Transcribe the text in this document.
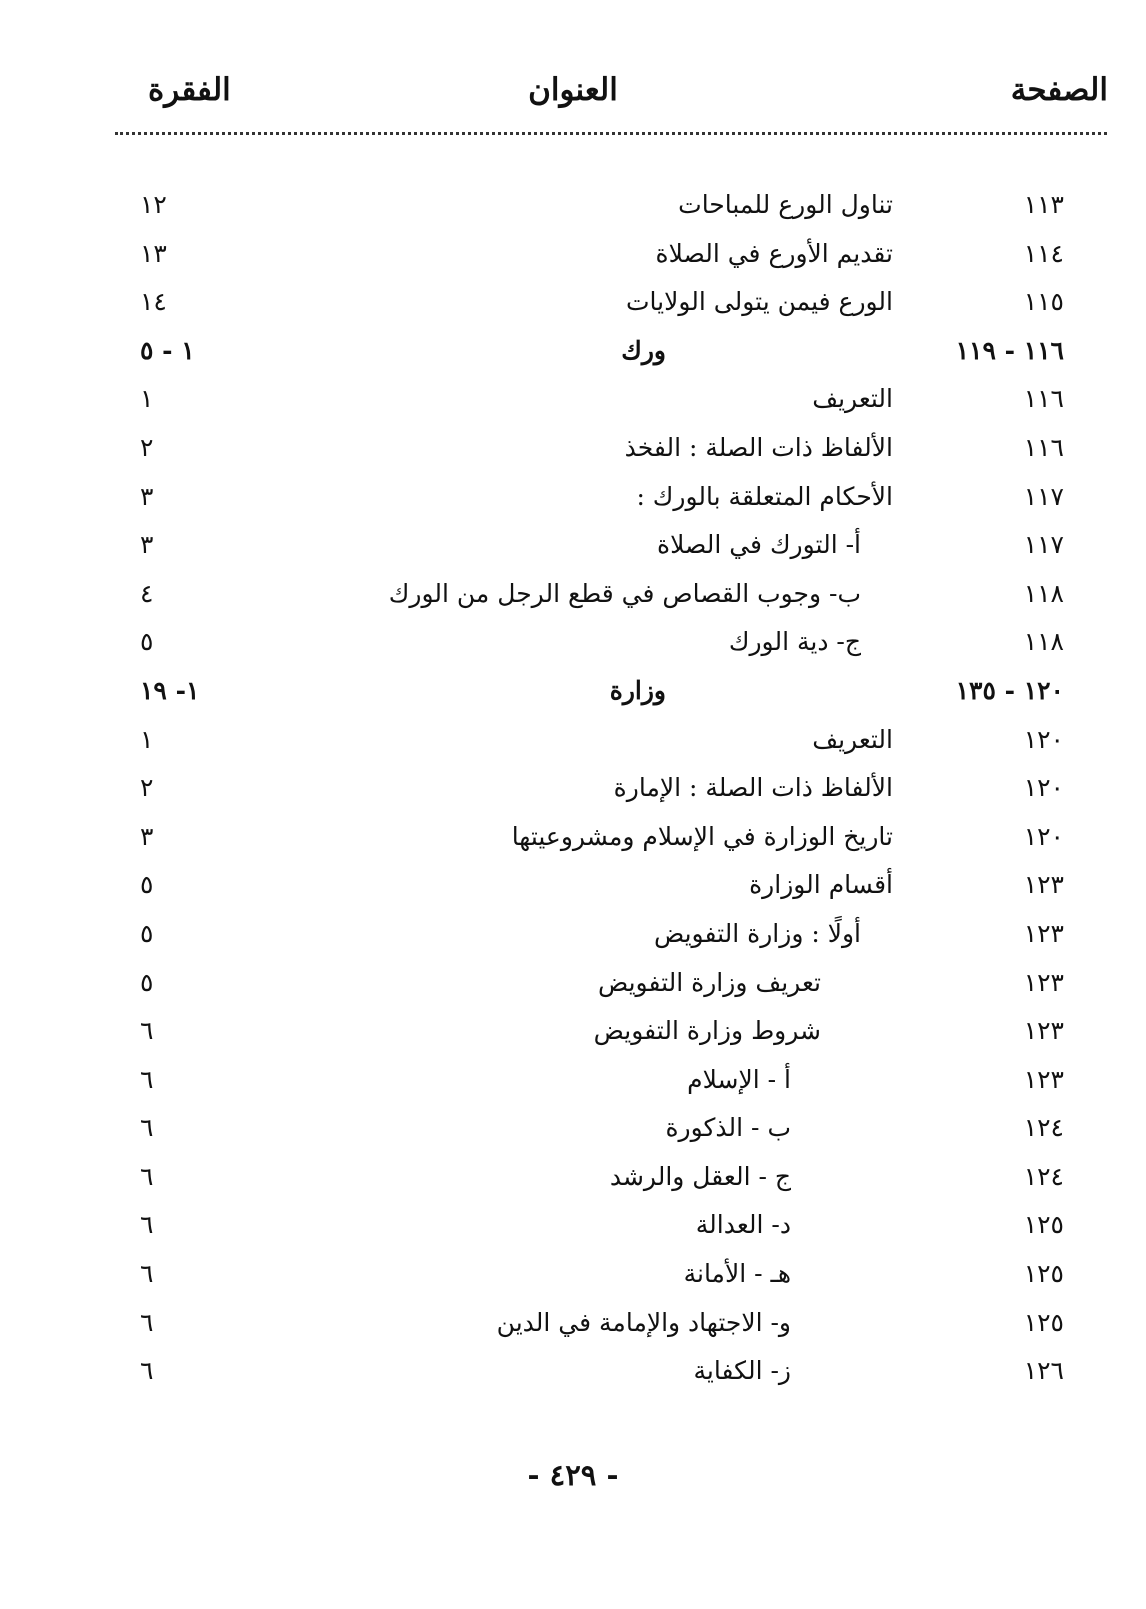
الصفحة
العنوان
الفقرة
١١٣
تناول الورع للمباحات
١٢
١١٤
تقديم الأورع في الصلاة
١٣
١١٥
الورع فيمن يتولى الولايات
١٤
١١٦ - ١١٩
ورك
١ - ٥
١١٦
التعريف
١
١١٦
الألفاظ ذات الصلة : الفخذ
٢
١١٧
الأحكام المتعلقة بالورك :
٣
١١٧
أ- التورك في الصلاة
٣
١١٨
ب- وجوب القصاص في قطع الرجل من الورك
٤
١١٨
ج- دية الورك
٥
١٢٠ - ١٣٥
وزارة
١- ١٩
١٢٠
التعريف
١
١٢٠
الألفاظ ذات الصلة : الإمارة
٢
١٢٠
تاريخ الوزارة في الإسلام ومشروعيتها
٣
١٢٣
أقسام الوزارة
٥
١٢٣
أولًا : وزارة التفويض
٥
١٢٣
تعريف وزارة التفويض
٥
١٢٣
شروط وزارة التفويض
٦
١٢٣
أ - الإسلام
٦
١٢٤
ب - الذكورة
٦
١٢٤
ج - العقل والرشد
٦
١٢٥
د- العدالة
٦
١٢٥
هـ - الأمانة
٦
١٢٥
و- الاجتهاد والإمامة في الدين
٦
١٢٦
ز- الكفاية
٦
- ٤٢٩ -
